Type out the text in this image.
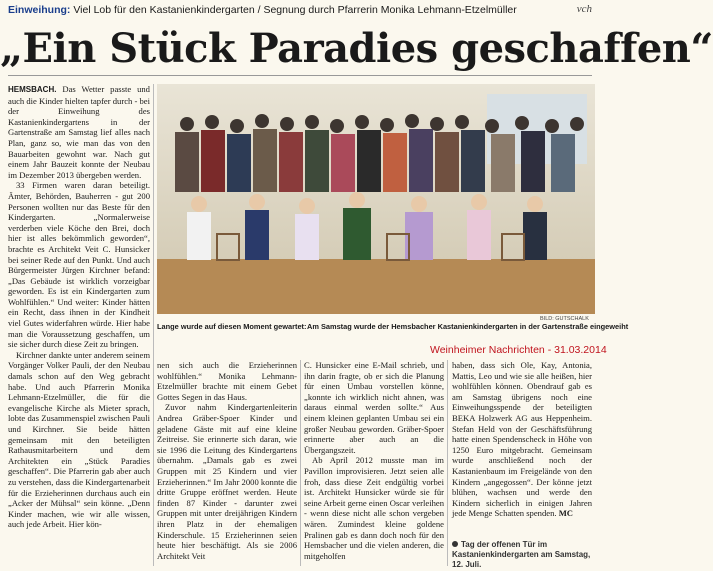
Einweihung: Viel Lob für den Kastanienkindergarten / Segnung durch Pfarrerin Monika Lehmann-Etzelmüller	vch
„Ein Stück Paradies geschaffen“

HEMSBACH. Das Wetter passte und auch die Kinder hielten tapfer durch - bei der Einweihung des Kastanienkindergartens in der Gartenstraße am Samstag lief alles nach Plan, ganz so, wie man das von den Bauarbeiten gewohnt war. Nach gut einem Jahr Bauzeit konnte der Neubau im Dezember 2013 übergeben werden.

33 Firmen waren daran beteiligt. Ämter, Behörden, Bauherren - gut 200 Personen wollten nur das Beste für den Kindergarten. „Normalerweise verderben viele Köche den Brei, doch hier ist alles bekömmlich geworden“, brachte es Architekt Veit C. Hunsicker bei seiner Rede auf den Punkt. Und auch Bürgermeister Jürgen Kirchner befand: „Das Gebäude ist wirklich vorzeigbar geworden. Es ist ein Kindergarten zum Wohlfühlen.“ Und weiter: Kinder hätten ein Recht, dass ihnen in der Kindheit viel Gutes widerfahren würde. Hier habe man die Voraussetzung geschaffen, um sie sicher durch diese Zeit zu bringen.

Kirchner dankte unter anderem seinem Vorgänger Volker Pauli, der den Neubau damals schon auf den Weg gebracht habe. Und auch Pfarrerin Monika Lehmann-Etzelmüller, die für die evangelische Kirche als Mieter sprach, lobte das Zusammenspiel zwischen Pauli und Kirchner. Sie beide hätten gemeinsam mit den beteiligten Rathausmitarbeitern und dem Architekten ein „Stück Paradies geschaffen“. Die Pfarrerin gab aber auch zu verstehen, dass die Kindergartenarbeit für die Erzieherinnen durchaus auch ein „Acker der Mühsal“ sein könne. „Denn Kinder machen, wie wir alle wissen, auch jede Arbeit. Hier kön-

BILD: GUTSCHALK
Lange wurde auf diesen Moment gewartet: Am Samstag wurde der Hemsbacher Kastanienkindergarten in der Gartenstraße eingeweiht
Weinheimer Nachrichten - 31.03.2014

nen sich auch die Erzieherinnen wohlfühlen.“ Monika Lehmann-Etzelmüller brachte mit einem Gebet Gottes Segen in das Haus.

Zuvor nahm Kindergartenleiterin Andrea Gräber-Spoer Kinder und geladene Gäste mit auf eine kleine Zeitreise. Sie erinnerte sich daran, wie sie 1996 die Leitung des Kindergartens übernahm. „Damals gab es zwei Gruppen mit 25 Kindern und vier Erzieherinnen.“ Im Jahr 2000 konnte die dritte Gruppe eröffnet werden. Heute finden 87 Kinder - darunter zwei Gruppen mit unter dreijährigen Kindern ihren Platz in der ehemaligen Kinderschule. 15 Erzieherinnen seien heute hier beschäftigt. Als sie 2006 Architekt Veit

C. Hunsicker eine E-Mail schrieb, und ihn darin fragte, ob er sich die Planung für einen Umbau vorstellen könne, „konnte ich wirklich nicht ahnen, was daraus einmal werden sollte.“ Aus einem kleinen geplanten Umbau sei ein großer Neubau geworden. Gräber-Spoer erinnerte aber auch an die Übergangszeit.

Ab April 2012 musste man im Pavillon improvisieren. Jetzt seien alle froh, dass diese Zeit endgültig vorbei ist. Architekt Hunsicker würde sie für seine Arbeit gerne einen Oscar verleihen - wenn diese nicht alle schon vergeben wären. Zumindest kleine goldene Pralinen gab es dann doch noch für den Hemsbacher und die vielen anderen, die mitgeholfen

haben, dass sich Ole, Kay, Antonia, Mattis, Leo und wie sie alle heißen, hier wohlfühlen können. Obendrauf gab es am Samstag übrigens noch eine Einweihungsspende der beteiligten BEKA Holzwerk AG aus Heppenheim. Stefan Held von der Geschäftsführung hatte einen Spendenscheck in Höhe von 1250 Euro mitgebracht. Gemeinsam wurde anschließend noch der Kastanienbaum im Freigelände von den Kindern „angegossen“. Der könne jetzt blühen, wachsen und werde den Kindern sicherlich in einigen Jahren jede Menge Schatten spenden. MC

Tag der offenen Tür im Kastanienkindergarten am Samstag, 12. Juli.
